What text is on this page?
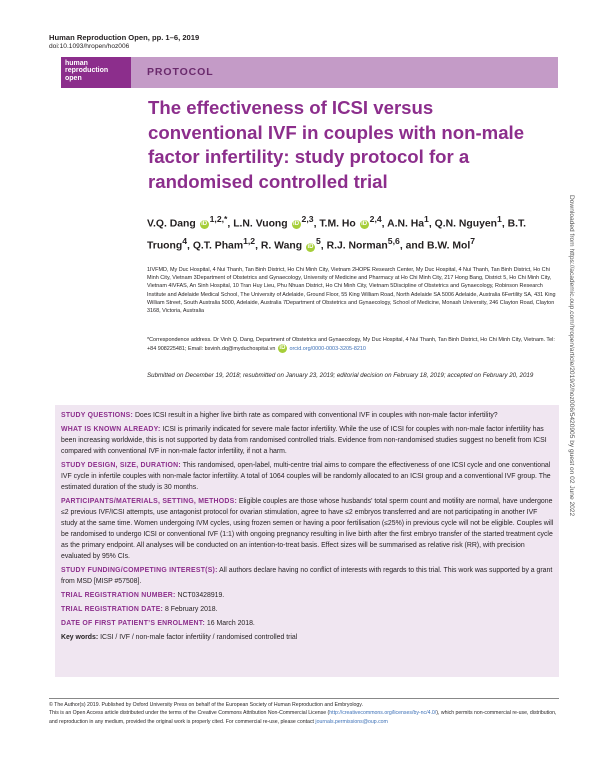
Human Reproduction Open, pp. 1–6, 2019
doi:10.1093/hropen/hoz006
human
reproduction
open
PROTOCOL
The effectiveness of ICSI versus conventional IVF in couples with non-male factor infertility: study protocol for a randomised controlled trial

V.Q. Dang $iD^{1,2,*}$, L.N. Vuong iD$^{2,3}$, T.M. Ho iD$^{2,4}$, A.N. Ha$^1$, Q.N. Nguyen$^1$, B.T. Truong$^4$, Q.T. Pham$^{1,2}$, R. Wang $iD^5$, R.J. Norman$^{5,6}$, and B.W. Mol$^7$

1IVFMD, My Duc Hospital, 4 Nui Thanh, Tan Binh District, Ho Chi Minh City, Vietnam 2HOPE Research Center, My Duc Hospital, 4 Nui Thanh, Tan Binh District, Ho Chi Minh City, Vietnam 3Department of Obstetrics and Gynaecology, University of Medicine and Pharmacy at Ho Chi Minh City, 217 Hong Bang, District 5, Ho Chi Minh City, Vietnam 4IVFAS, An Sinh Hospital, 10 Tran Huy Lieu, Phu Nhuan District, Ho Chi Minh City, Vietnam 5Discipline of Obstetrics and Gynaecology, Robinson Research Institute and Adelaide Medical School, The University of Adelaide, Ground Floor, 55 King William Road, North Adelaide SA 5006 Adelaide, Australia 6Fertility SA, 431 King William Street, South Australia 5000, Adelaide, Australia 7Department of Obstetrics and Gynaecology, School of Medicine, Monash University, 246 Clayton Road, Clayton 3168, Victoria, Australia

*Correspondence address. Dr Vinh Q. Dang, Department of Obstetrics and Gynaecology, My Duc Hospital, 4 Nui Thanh, Tan Binh District, Ho Chi Minh City, Vietnam. Tel: +84 908225481; Email: bsvinh.dq@myduchospital.vn iD orcid.org/0000-0003-3205-8210

Submitted on December 19, 2018; resubmitted on January 23, 2019; editorial decision on February 18, 2019; accepted on February 20, 2019

STUDY QUESTIONS: Does ICSI result in a higher live birth rate as compared with conventional IVF in couples with non-male factor infertility?

WHAT IS KNOWN ALREADY: ICSI is primarily indicated for severe male factor infertility. While the use of ICSI for couples with non-male factor infertility has been increasing worldwide, this is not supported by data from randomised controlled trials. Evidence from non-randomised studies suggest no benefit from ICSI compared with conventional IVF in non-male factor infertility, if not a harm.

STUDY DESIGN, SIZE, DURATION: This randomised, open-label, multi-centre trial aims to compare the effectiveness of one ICSI cycle and one conventional IVF cycle in infertile couples with non-male factor infertility. A total of 1064 couples will be randomly allocated to an ICSI group and a conventional IVF group. The estimated duration of the study is 30 months.

PARTICIPANTS/MATERIALS, SETTING, METHODS: Eligible couples are those whose husbands' total sperm count and motility are normal, have undergone ≤2 previous IVF/ICSI attempts, use antagonist protocol for ovarian stimulation, agree to have ≤2 embryos transferred and are not participating in another IVF study at the same time. Women undergoing IVM cycles, using frozen semen or having a poor fertilisation (≤25%) in previous cycle will not be eligible. Couples will be randomised to undergo ICSI or conventional IVF (1:1) with ongoing pregnancy resulting in live birth after the first embryo transfer of the started treatment cycle as the primary endpoint. All analyses will be conducted on an intention-to-treat basis. Effect sizes will be summarised as relative risk (RR), with precision evaluated by 95% CIs.

STUDY FUNDING/COMPETING INTEREST(S): All authors declare having no conflict of interests with regards to this trial. This work was supported by a grant from MSD [MISP #57508].

TRIAL REGISTRATION NUMBER: NCT03428919.

TRIAL REGISTRATION DATE: 8 February 2018.

DATE OF FIRST PATIENT’S ENROLMENT: 16 March 2018.

Key words: ICSI / IVF / non-male factor infertility / randomised controlled trial

© The Author(s) 2019. Published by Oxford University Press on behalf of the European Society of Human Reproduction and Embryology.
This is an Open Access article distributed under the terms of the Creative Commons Attribution Non-Commercial License (http://creativecommons.org/licenses/by-nc/4.0/), which permits non-commercial re-use, distribution, and reproduction in any medium, provided the original work is properly cited. For commercial re-use, please contact journals.permissions@oup.com

Downloaded from https://academic.oup.com/hropen/article/2019/2/hoz006/5420905 by guest on 02 June 2022
